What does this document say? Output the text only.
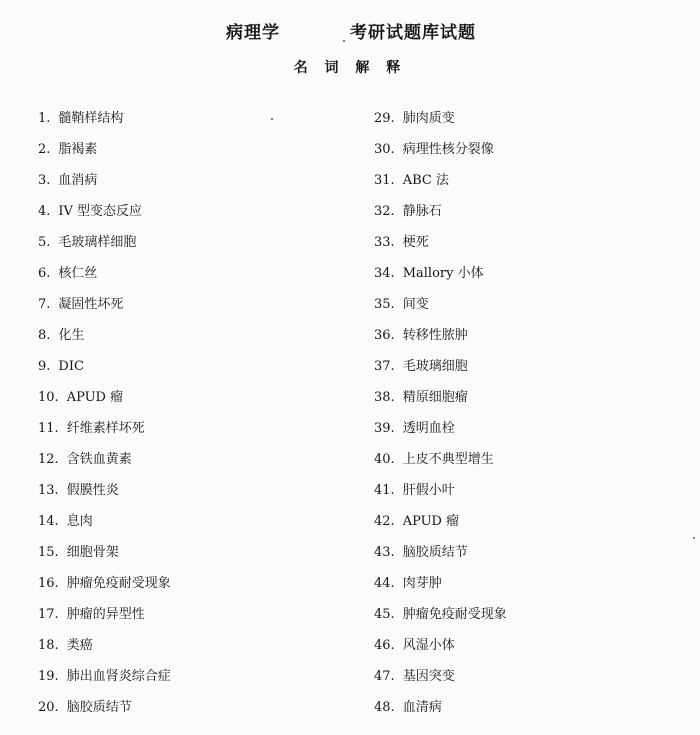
病理学	考研试题库试题
名 词 解 释
1. 髓鞘样结构
2. 脂褐素
3. 血消病
4. IV 型变态反应
5. 毛玻璃样细胞
6. 核仁丝
7. 凝固性坏死
8. 化生
9. DIC
10. APUD 瘤
11. 纤维素样坏死
12. 含铁血黄素
13. 假膜性炎
14. 息肉
15. 细胞骨架
16. 肿瘤免疫耐受现象
17. 肿瘤的异型性
18. 类癌
19. 肺出血肾炎综合症
20. 脑胶质结节
29. 肺肉质变
30. 病理性核分裂像
31. ABC 法
32. 静脉石
33. 梗死
34. Mallory 小体
35. 间变
36. 转移性脓肿
37. 毛玻璃细胞
38. 精原细胞瘤
39. 透明血栓
40. 上皮不典型增生
41. 肝假小叶
42. APUD 瘤
43. 脑胶质结节
44. 肉芽肿
45. 肿瘤免疫耐受现象
46. 风湿小体
47. 基因突变
48. 血清病
